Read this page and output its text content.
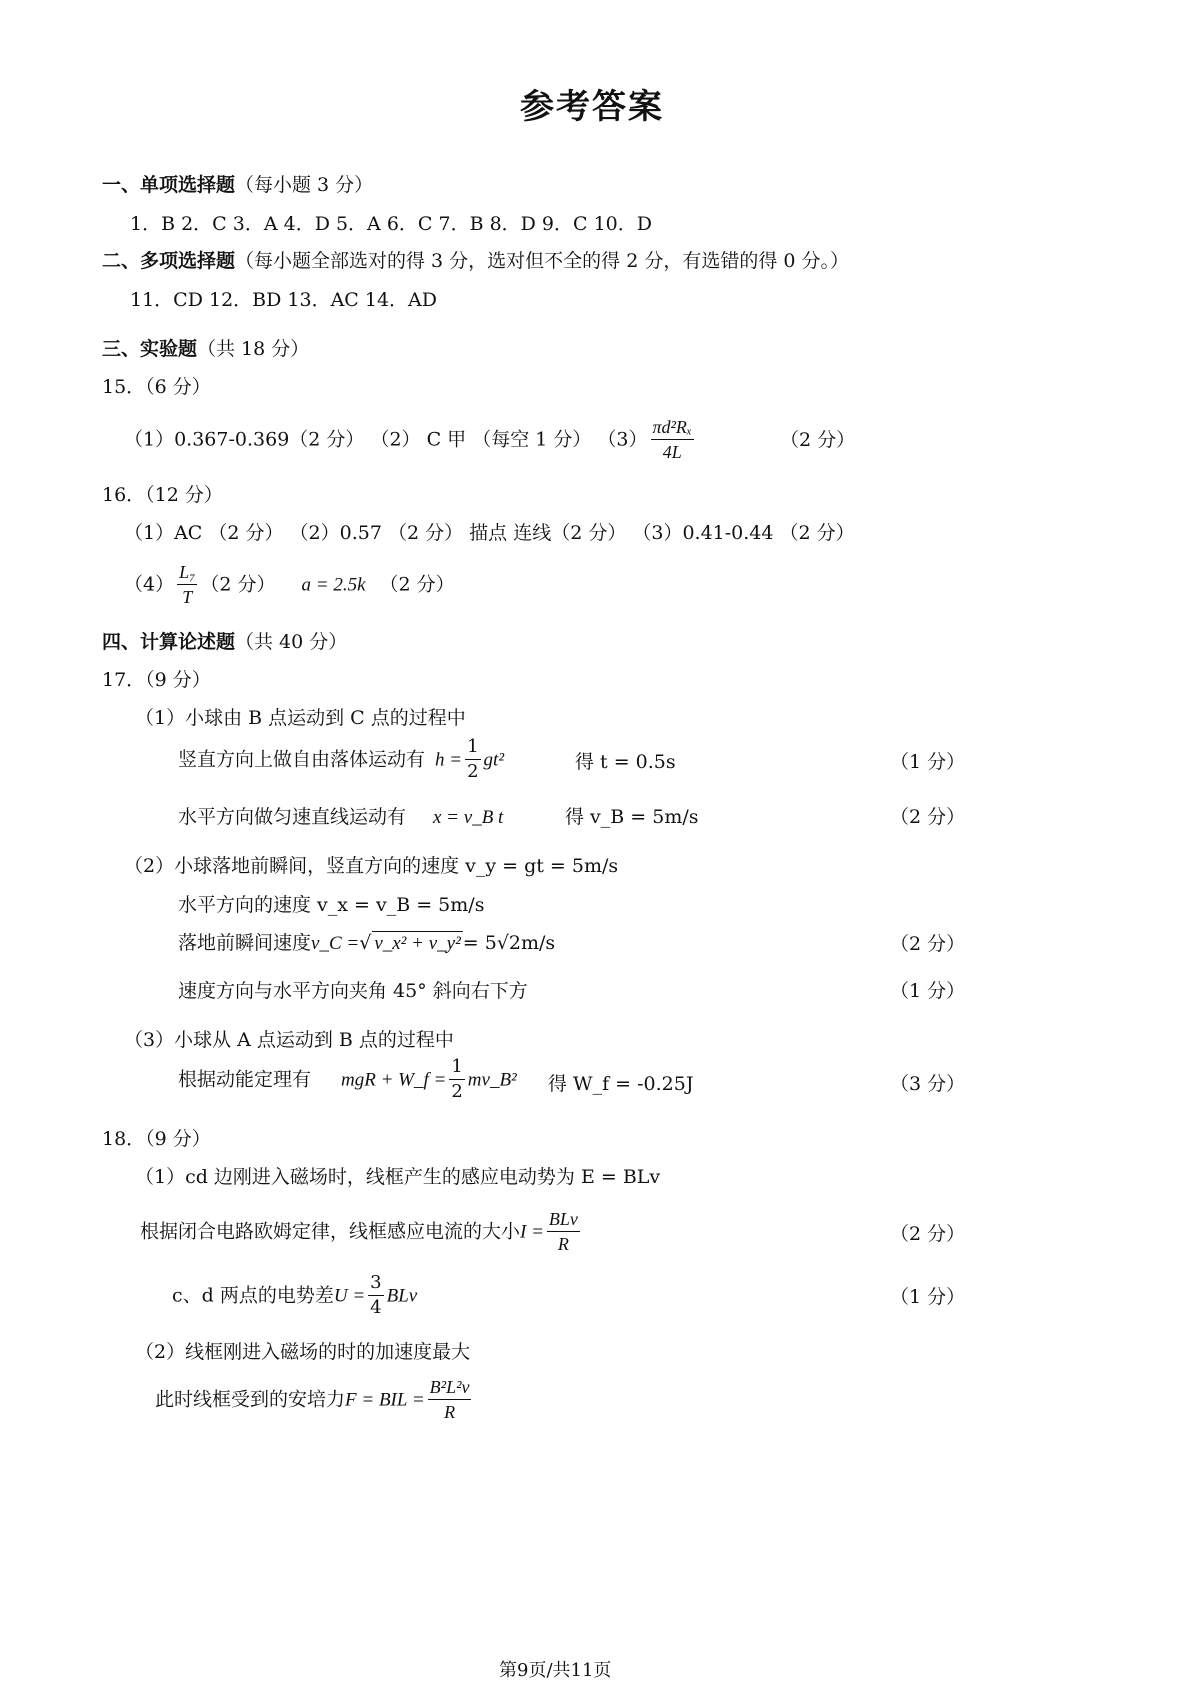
参考答案
一、单项选择题（每小题 3 分）
1．B 2．C 3．A 4．D 5．A 6．C 7．B 8．D 9．C 10．D
二、多项选择题（每小题全部选对的得 3 分，选对但不全的得 2 分，有选错的得 0 分。）
11．CD 12．BD 13．AC 14．AD
三、实验题（共 18 分）
15．（6 分）
（1）0.367-0.369（2 分） （2） C 甲 （每空 1 分） $(3) \frac{\text{πd²Rₓ}}{4L}$	（2 分）
16．（12 分）
（1）AC （2 分） （2）0.57 （2 分） 描点 连线（2 分） （3）0.41-0.44 （2 分）
$(4) \frac{\text{L₇}}{T} (2$ 分） a = 2.5k （2 分）
四、计算论述题（共 40 分）
17．（9 分）
（1）小球由 B 点运动到 C 点的过程中
竖直方向上做自由落体运动有 $h = \frac{1}{2} gt^2$	得 t = 0.5s	（1 分）
水平方向做匀速直线运动有 x = v_B t	得 v_B = 5m/s	（2 分）
（2）小球落地前瞬间，竖直方向的速度 v_y = gt = 5m/s
水平方向的速度 v_x = v_B = 5m/s
落地前瞬间速度v_C =√ v_x² + v_y² = 5√2m/s	（2 分）
速度方向与水平方向夹角 45° 斜向右下方	（1 分）
（3）小球从 A 点运动到 B 点的过程中
根据动能定理有 mgR + W_f = $\frac{1}{2}$ mv_B² 得 W_f = -0.25J	（3 分）
18．（9 分）
（1）cd 边刚进入磁场时，线框产生的感应电动势为 E = BLv
根据闭合电路欧姆定律，线框感应电流的大小$I = \frac{\text{BLv}}{R}$	（2 分）
c、d 两点的电势差$U = \frac{3}{4}$ BLv	（1 分）
（2）线框刚进入磁场的时的加速度最大
此时线框受到的安培力F = BIL = $\frac{\text{B²L²v}}{R}$
第9页/共11页
